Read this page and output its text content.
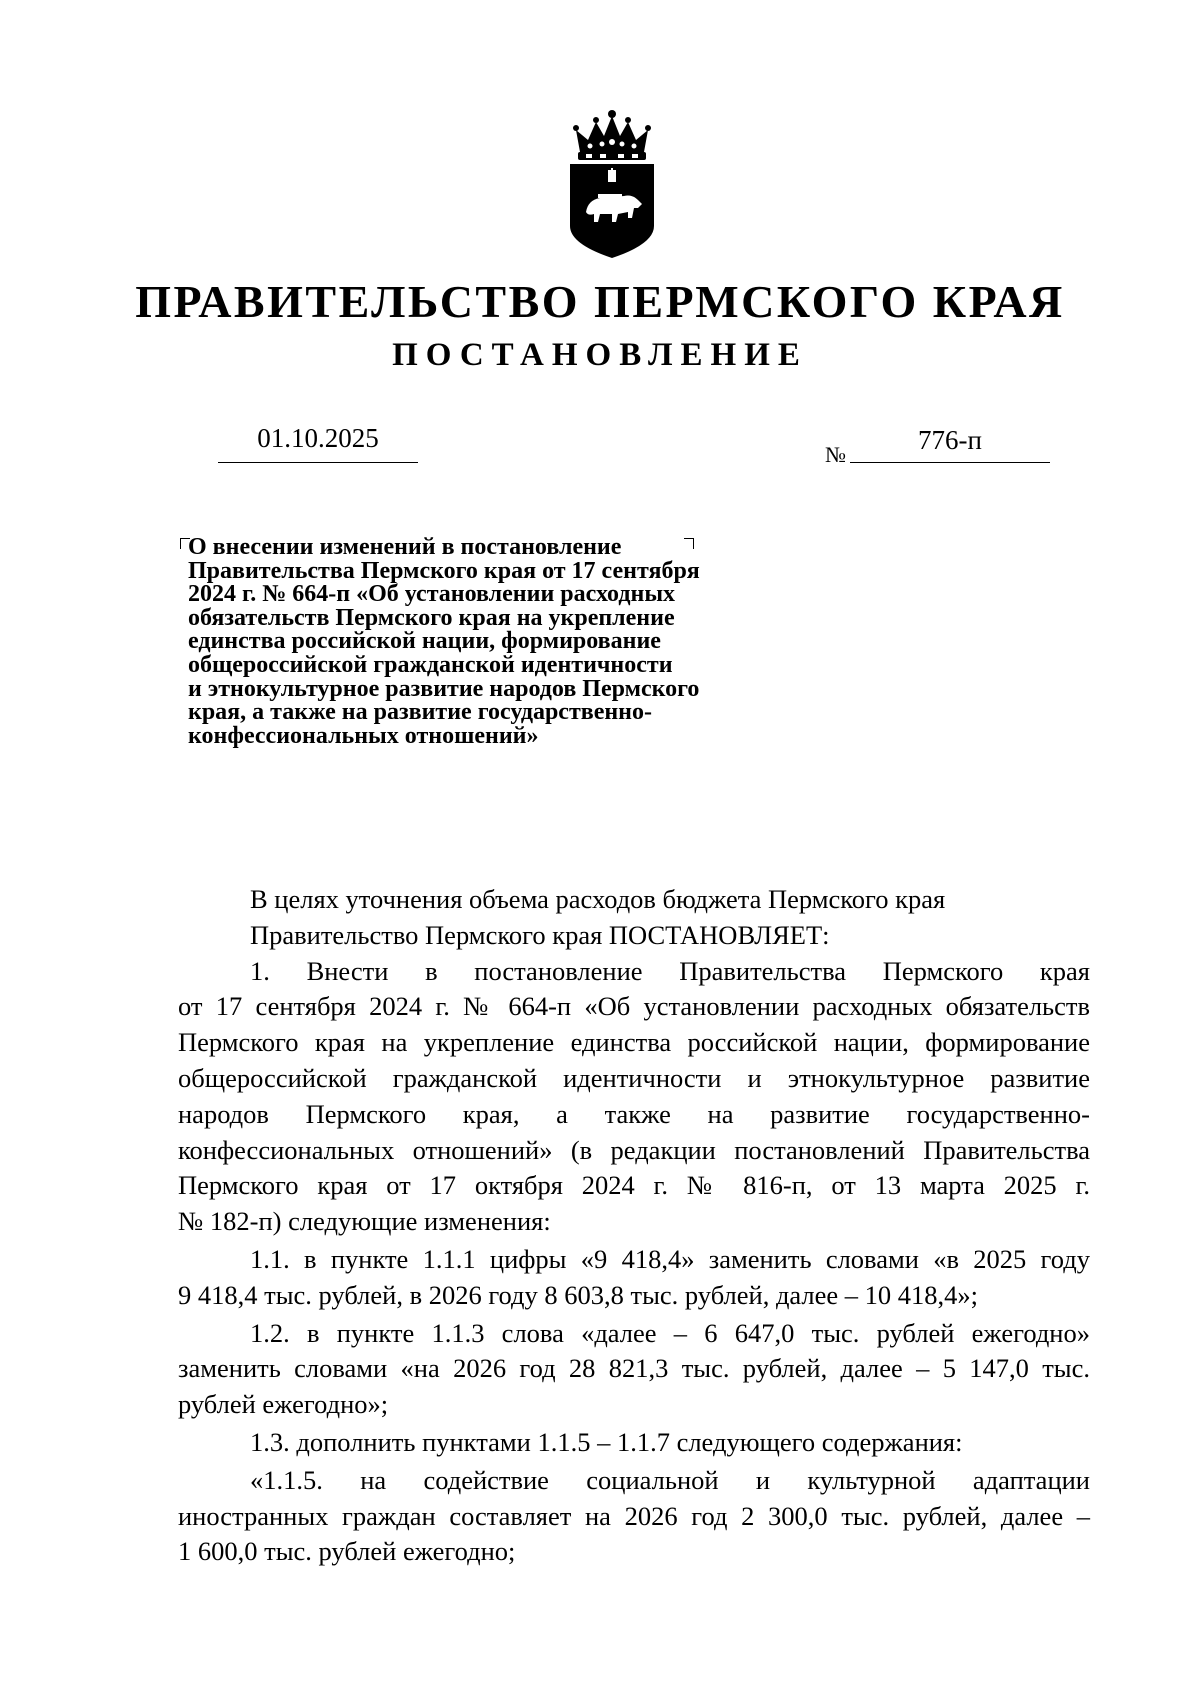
ПРАВИТЕЛЬСТВО ПЕРМСКОГО КРАЯ
ПОСТАНОВЛЕНИЕ
01.10.2025
№	776-п
О внесении изменений в постановление
Правительства Пермского края от 17 сентября
2024 г. № 664-п «Об установлении расходных
обязательств Пермского края на укрепление
единства российской нации, формирование
общероссийской гражданской идентичности
и этнокультурное развитие народов Пермского
края, а также на развитие государственно-
конфессиональных отношений»

В целях уточнения объема расходов бюджета Пермского края

Правительство Пермского края ПОСТАНОВЛЯЕТ:

1. Внести в постановление Правительства Пермского края
от 17 сентября 2024 г. № 664-п «Об установлении расходных обязательств
Пермского края на укрепление единства российской нации, формирование
общероссийской гражданской идентичности и этнокультурное развитие
народов Пермского края, а также на развитие государственно-
конфессиональных отношений» (в редакции постановлений Правительства
Пермского края от 17 октября 2024 г. № 816-п, от 13 марта 2025 г.
№ 182-п) следующие изменения:
1.1. в пункте 1.1.1 цифры «9 418,4» заменить словами «в 2025 году
9 418,4 тыс. рублей, в 2026 году 8 603,8 тыс. рублей, далее – 10 418,4»;
1.2. в пункте 1.1.3 слова «далее – 6 647,0 тыс. рублей ежегодно»
заменить словами «на 2026 год 28 821,3 тыс. рублей, далее – 5 147,0 тыс.
рублей ежегодно»;

1.3. дополнить пунктами 1.1.5 – 1.1.7 следующего содержания:

«1.1.5. на содействие социальной и культурной адаптации
иностранных граждан составляет на 2026 год 2 300,0 тыс. рублей, далее –
1 600,0 тыс. рублей ежегодно;
